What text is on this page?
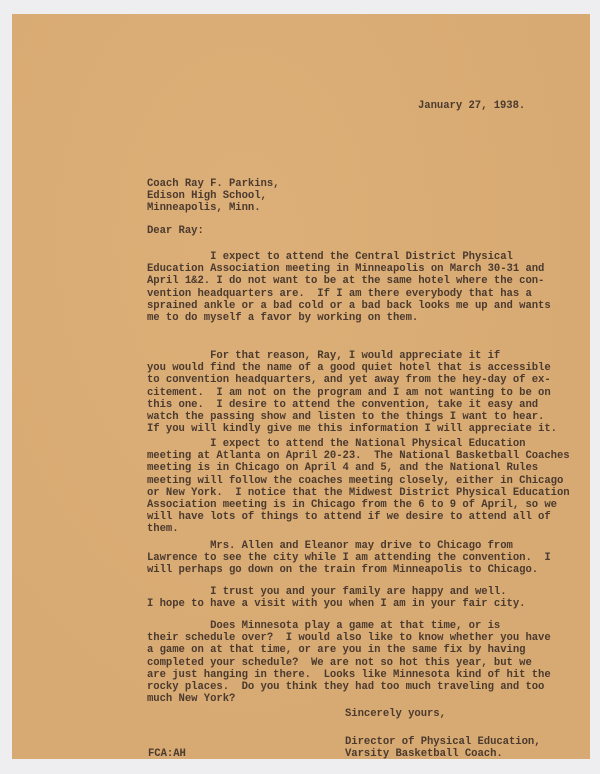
January 27, 1938.
Coach Ray F. Parkins,
Edison High School,
Minneapolis, Minn.
Dear Ray:
I expect to attend the Central District Physical
Education Association meeting in Minneapolis on March 30-31 and
April 1&2. I do not want to be at the same hotel where the con-
vention headquarters are.  If I am there everybody that has a
sprained ankle or a bad cold or a bad back looks me up and wants
me to do myself a favor by working on them.
For that reason, Ray, I would appreciate it if
you would find the name of a good quiet hotel that is accessible
to convention headquarters, and yet away from the hey-day of ex-
citement.  I am not on the program and I am not wanting to be on
this one.  I desire to attend the convention, take it easy and
watch the passing show and listen to the things I want to hear.
If you will kindly give me this information I will appreciate it.
I expect to attend the National Physical Education
meeting at Atlanta on April 20-23.  The National Basketball Coaches
meeting is in Chicago on April 4 and 5, and the National Rules
meeting will follow the coaches meeting closely, either in Chicago
or New York.  I notice that the Midwest District Physical Education
Association meeting is in Chicago from the 6 to 9 of April, so we
will have lots of things to attend if we desire to attend all of
them.
Mrs. Allen and Eleanor may drive to Chicago from
Lawrence to see the city while I am attending the convention.  I
will perhaps go down on the train from Minneapolis to Chicago.
I trust you and your family are happy and well.
I hope to have a visit with you when I am in your fair city.
Does Minnesota play a game at that time, or is
their schedule over?  I would also like to know whether you have
a game on at that time, or are you in the same fix by having
completed your schedule?  We are not so hot this year, but we
are just hanging in there.  Looks like Minnesota kind of hit the
rocky places.  Do you think they had too much traveling and too
much New York?
Sincerely yours,
Director of Physical Education,
Varsity Basketball Coach.
FCA:AH
